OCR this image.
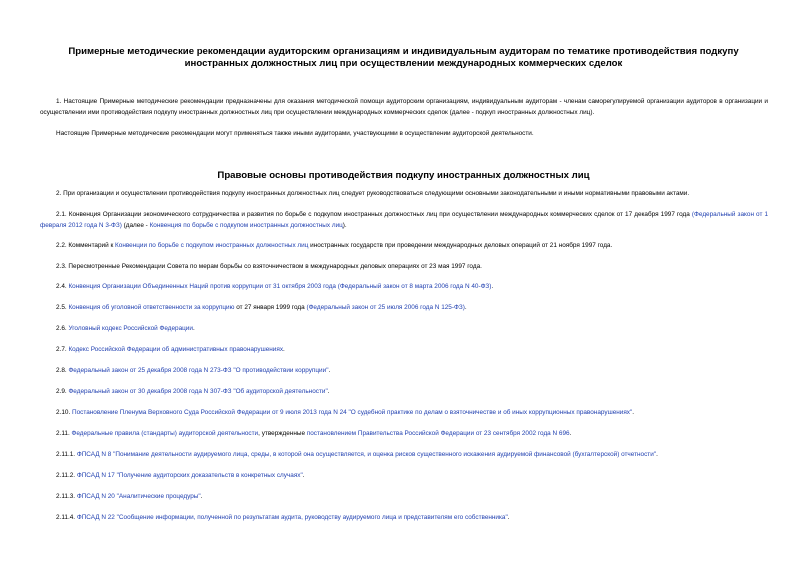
Примерные методические рекомендации аудиторским организациям и индивидуальным аудиторам по тематике противодействия подкупу иностранных должностных лиц при осуществлении международных коммерческих сделок
1. Настоящие Примерные методические рекомендации предназначены для оказания методической помощи аудиторским организациям, индивидуальным аудиторам - членам саморегулируемой организации аудиторов в организации и осуществлении ими противодействия подкупу иностранных должностных лиц при осуществлении международных коммерческих сделок (далее - подкуп иностранных должностных лиц).
Настоящие Примерные методические рекомендации могут применяться также иными аудиторами, участвующими в осуществлении аудиторской деятельности.
Правовые основы противодействия подкупу иностранных должностных лиц
2. При организации и осуществлении противодействия подкупу иностранных должностных лиц следует руководствоваться следующими основными законодательными и иными нормативными правовыми актами.
2.1. Конвенция Организации экономического сотрудничества и развития по борьбе с подкупом иностранных должностных лиц при осуществлении международных коммерческих сделок от 17 декабря 1997 года (Федеральный закон от 1 февраля 2012 года N 3-ФЗ) (далее - Конвенция по борьбе с подкупом иностранных должностных лиц).
2.2. Комментарий к Конвенции по борьбе с подкупом иностранных должностных лиц иностранных государств при проведении международных деловых операций от 21 ноября 1997 года.
2.3. Пересмотренные Рекомендации Совета по мерам борьбы со взяточничеством в международных деловых операциях от 23 мая 1997 года.
2.4. Конвенция Организации Объединенных Наций против коррупции от 31 октября 2003 года (Федеральный закон от 8 марта 2006 года N 40-ФЗ).
2.5. Конвенция об уголовной ответственности за коррупцию от 27 января 1999 года (Федеральный закон от 25 июля 2006 года N 125-ФЗ).
2.6. Уголовный кодекс Российской Федерации.
2.7. Кодекс Российской Федерации об административных правонарушениях.
2.8. Федеральный закон от 25 декабря 2008 года N 273-ФЗ "О противодействии коррупции".
2.9. Федеральный закон от 30 декабря 2008 года N 307-ФЗ "Об аудиторской деятельности".
2.10. Постановление Пленума Верховного Суда Российской Федерации от 9 июля 2013 года N 24 "О судебной практике по делам о взяточничестве и об иных коррупционных правонарушениях".
2.11. Федеральные правила (стандарты) аудиторской деятельности, утвержденные постановлением Правительства Российской Федерации от 23 сентября 2002 года N 696.
2.11.1. ФПСАД N 8 "Понимание деятельности аудируемого лица, среды, в которой она осуществляется, и оценка рисков существенного искажения аудируемой финансовой (бухгалтерской) отчетности".
2.11.2. ФПСАД N 17 "Получение аудиторских доказательств в конкретных случаях".
2.11.3. ФПСАД N 20 "Аналитические процедуры".
2.11.4. ФПСАД N 22 "Сообщение информации, полученной по результатам аудита, руководству аудируемого лица и представителям его собственника".
